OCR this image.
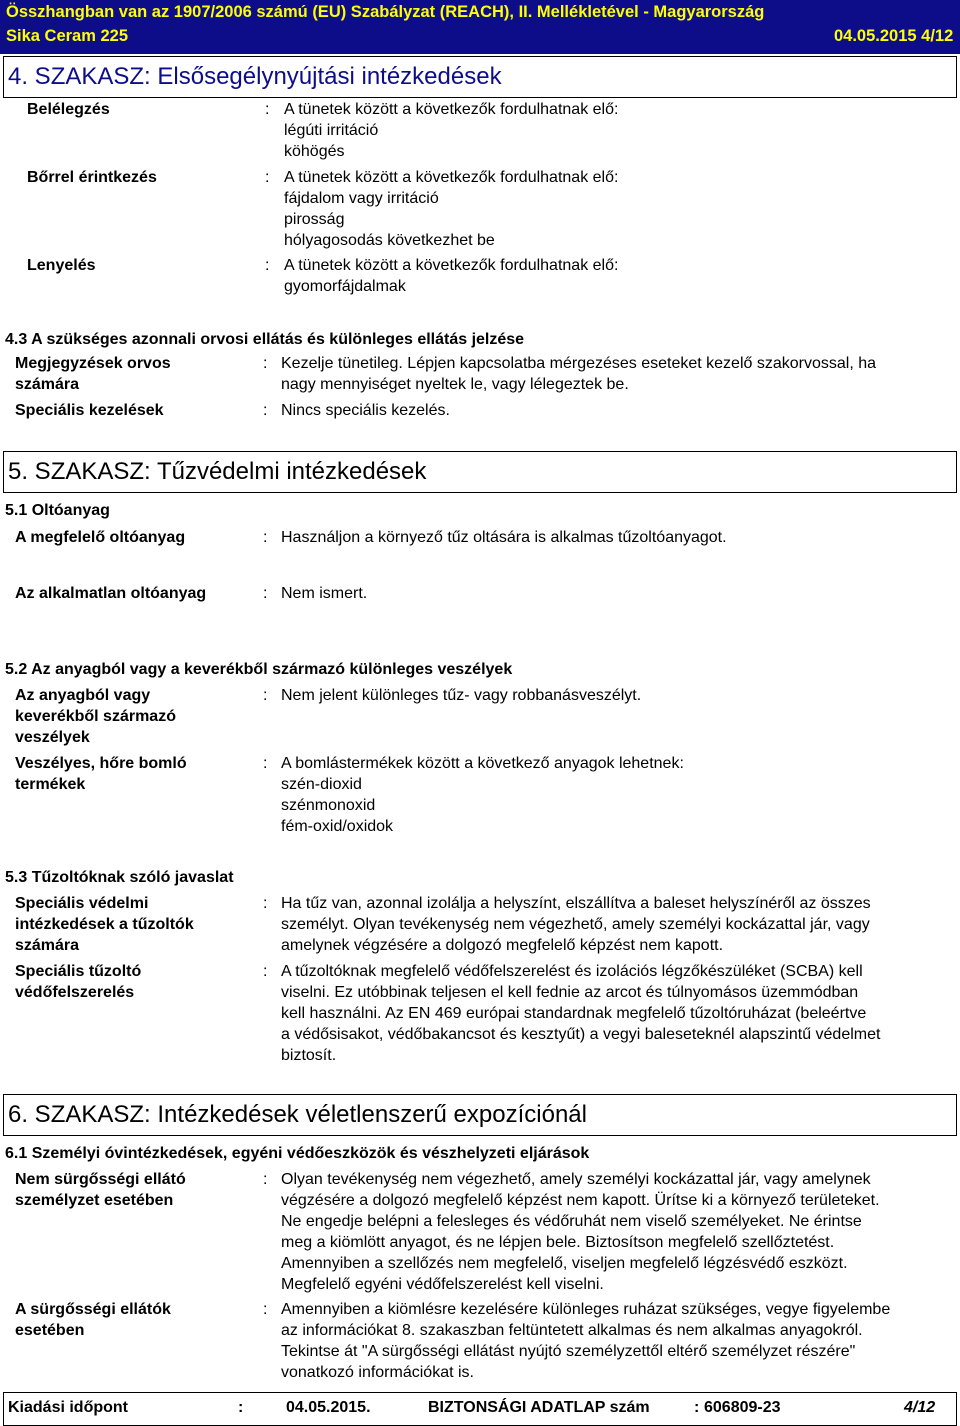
Összhangban van az 1907/2006 számú (EU) Szabályzat (REACH), II. Mellékletével - Magyarország
Sika Ceram 225	04.05.2015 4/12
4. SZAKASZ: Elsősegélynyújtási intézkedések
Belélegzés	: A tünetek között a következők fordulhatnak elő:
légúti irritáció
köhögés
Bőrrel érintkezés	: A tünetek között a következők fordulhatnak elő:
fájdalom vagy irritáció
pirosság
hólyagosodás következhet be
Lenyelés	: A tünetek között a következők fordulhatnak elő:
gyomorfájdalmak
4.3 A szükséges azonnali orvosi ellátás és különleges ellátás jelzése
Megjegyzések orvos
számára
: Kezelje tünetileg. Lépjen kapcsolatba mérgezéses eseteket kezelő szakorvossal, ha
nagy mennyiséget nyeltek le, vagy lélegeztek be.
Speciális kezelések	: Nincs speciális kezelés.
5. SZAKASZ: Tűzvédelmi intézkedések
5.1 Oltóanyag
A megfelelő oltóanyag	: Használjon a környező tűz oltására is alkalmas tűzoltóanyagot.
Az alkalmatlan oltóanyag	: Nem ismert.
5.2 Az anyagból vagy a keverékből származó különleges veszélyek
Az anyagból vagy
keverékből származó
veszélyek
: Nem jelent különleges tűz- vagy robbanásveszélyt.
Veszélyes, hőre bomló
termékek
: A bomlástermékek között a következő anyagok lehetnek:
szén-dioxid
szénmonoxid
fém-oxid/oxidok
5.3 Tűzoltóknak szóló javaslat
Speciális védelmi
intézkedések a tűzoltók
számára
: Ha tűz van, azonnal izolálja a helyszínt, elszállítva a baleset helyszínéről az összes
személyt. Olyan tevékenység nem végezhető, amely személyi kockázattal jár, vagy
amelynek végzésére a dolgozó megfelelő képzést nem kapott.
Speciális tűzoltó
védőfelszerelés
: A tűzoltóknak megfelelő védőfelszerelést és izolációs légzőkészüléket (SCBA) kell
viselni. Ez utóbbinak teljesen el kell fednie az arcot és túlnyomásos üzemmódban
kell használni. Az EN 469 európai standardnak megfelelő tűzoltóruházat (beleértve
a védősisakot, védőbakancsot és kesztyűt) a vegyi baleseteknél alapszintű védelmet
biztosít.
6. SZAKASZ: Intézkedések véletlenszerű expozíciónál
6.1 Személyi óvintézkedések, egyéni védőeszközök és vészhelyzeti eljárások
Nem sürgősségi ellátó
személyzet esetében
: Olyan tevékenység nem végezhető, amely személyi kockázattal jár, vagy amelynek
végzésére a dolgozó megfelelő képzést nem kapott. Ürítse ki a környező területeket.
Ne engedje belépni a felesleges és védőruhát nem viselő személyeket. Ne érintse
meg a kiömlött anyagot, és ne lépjen bele. Biztosítson megfelelő szellőztetést.
Amennyiben a szellőzés nem megfelelő, viseljen megfelelő légzésvédő eszközt.
Megfelelő egyéni védőfelszerelést kell viselni.
A sürgősségi ellátók
esetében
: Amennyiben a kiömlésre kezelésére különleges ruházat szükséges, vegye figyelembe
az információkat 8. szakaszban feltüntetett alkalmas és nem alkalmas anyagokról.
Tekintse át "A sürgősségi ellátást nyújtó személyzettől eltérő személyzet részére"
vonatkozó információkat is.
Kiadási időpont	:	04.05.2015.	BIZTONSÁGI ADATLAP szám	: 606809-23	4/12
